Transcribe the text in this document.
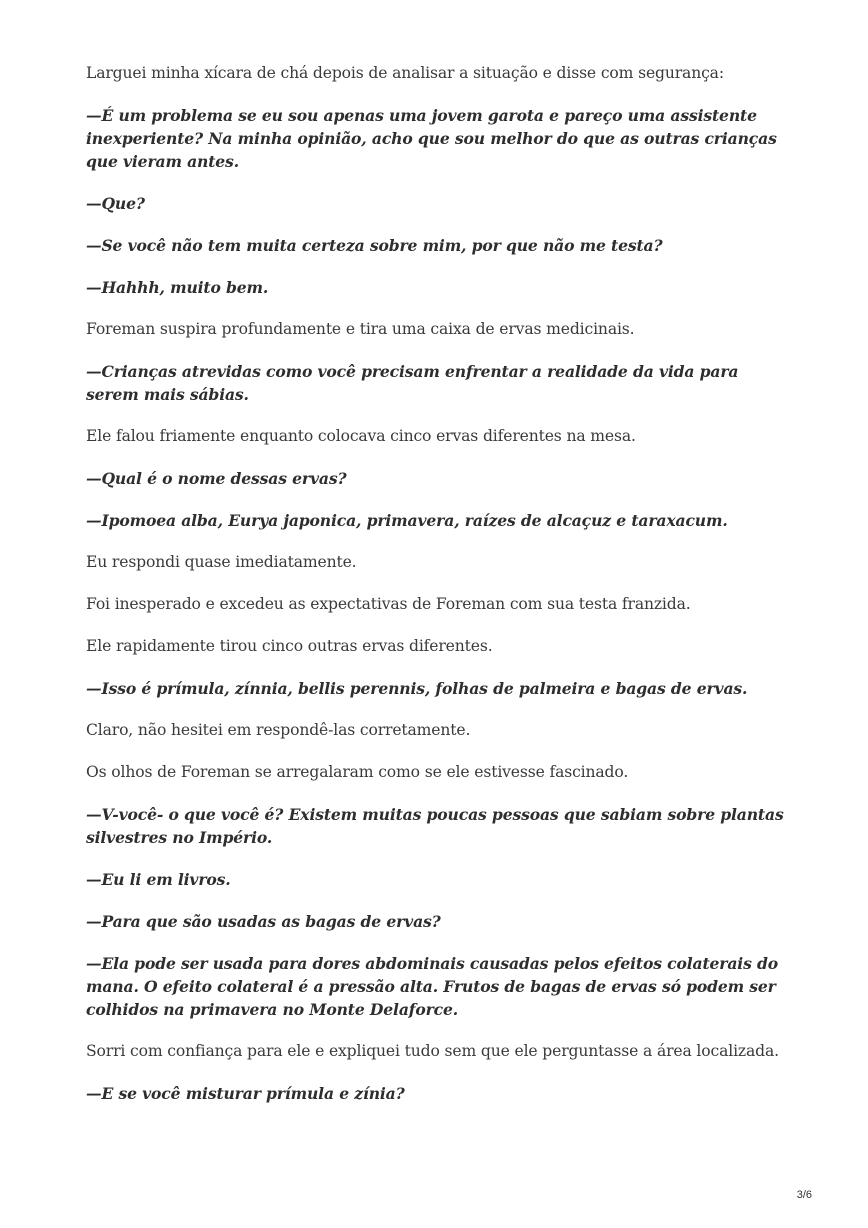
Larguei minha xícara de chá depois de analisar a situação e disse com segurança:

—É um problema se eu sou apenas uma jovem garota e pareço uma assistente inexperiente? Na minha opinião, acho que sou melhor do que as outras crianças que vieram antes.

—Que?

—Se você não tem muita certeza sobre mim, por que não me testa?

—Hahhh, muito bem.

Foreman suspira profundamente e tira uma caixa de ervas medicinais.

—Crianças atrevidas como você precisam enfrentar a realidade da vida para serem mais sábias.

Ele falou friamente enquanto colocava cinco ervas diferentes na mesa.

—Qual é o nome dessas ervas?

—Ipomoea alba, Eurya japonica, primavera, raízes de alcaçuz e taraxacum.

Eu respondi quase imediatamente.

Foi inesperado e excedeu as expectativas de Foreman com sua testa franzida.

Ele rapidamente tirou cinco outras ervas diferentes.

—Isso é prímula, zínnia, bellis perennis, folhas de palmeira e bagas de ervas.

Claro, não hesitei em respondê-las corretamente.

Os olhos de Foreman se arregalaram como se ele estivesse fascinado.

—V-você- o que você é? Existem muitas poucas pessoas que sabiam sobre plantas silvestres no Império.

—Eu li em livros.

—Para que são usadas as bagas de ervas?

—Ela pode ser usada para dores abdominais causadas pelos efeitos colaterais do mana. O efeito colateral é a pressão alta. Frutos de bagas de ervas só podem ser colhidos na primavera no Monte Delaforce.

Sorri com confiança para ele e expliquei tudo sem que ele perguntasse a área localizada.

—E se você misturar prímula e zínia?

3/6
